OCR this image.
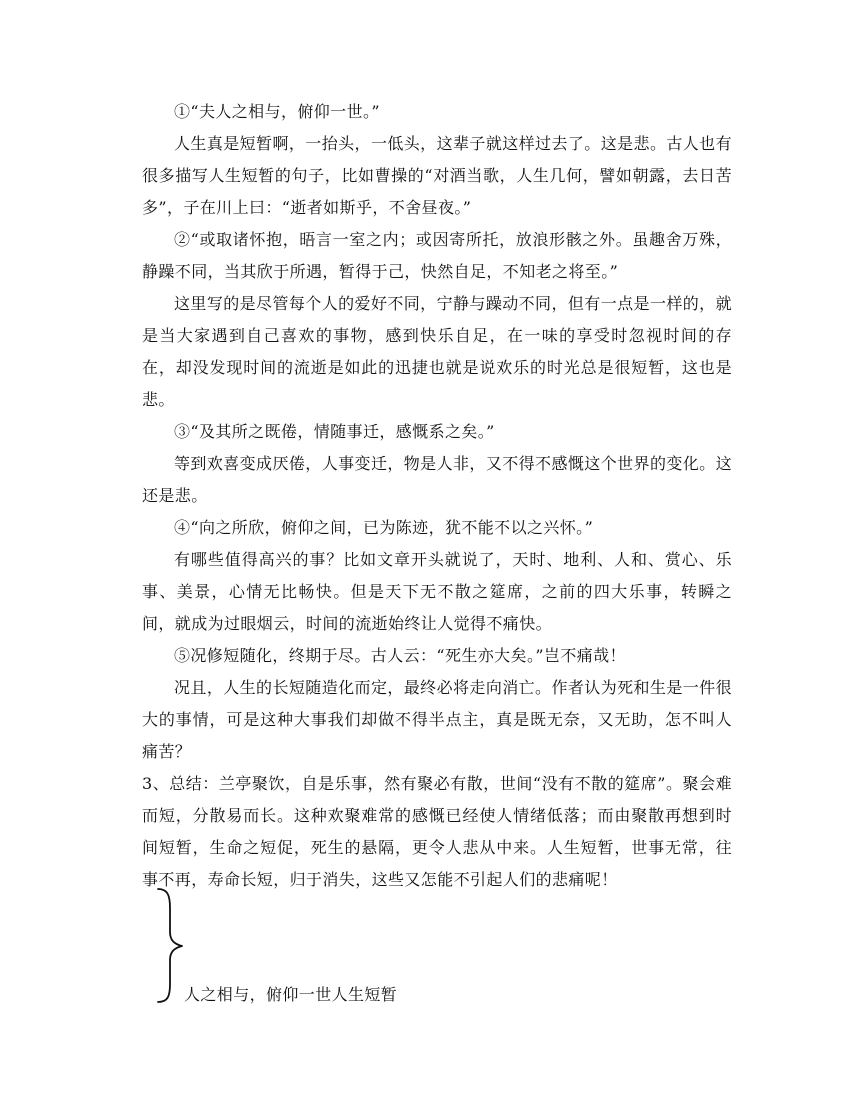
①“夫人之相与，俯仰一世。”

人生真是短暂啊，一抬头，一低头，这辈子就这样过去了。这是悲。古人也有很多描写人生短暂的句子，比如曹操的“对酒当歌，人生几何，譬如朝露，去日苦多”，子在川上曰：“逝者如斯乎，不舍昼夜。”

②“或取诸怀抱，晤言一室之内；或因寄所托，放浪形骸之外。虽趣舍万殊，静躁不同，当其欣于所遇，暂得于己，快然自足，不知老之将至。”

这里写的是尽管每个人的爱好不同，宁静与躁动不同，但有一点是一样的，就是当大家遇到自己喜欢的事物，感到快乐自足，在一味的享受时忽视时间的存在，却没发现时间的流逝是如此的迅捷也就是说欢乐的时光总是很短暂，这也是悲。

③“及其所之既倦，情随事迁，感慨系之矣。”

等到欢喜变成厌倦，人事变迁，物是人非，又不得不感慨这个世界的变化。这还是悲。

④“向之所欣，俯仰之间，已为陈迹，犹不能不以之兴怀。”

有哪些值得高兴的事？比如文章开头就说了，天时、地利、人和、赏心、乐事、美景，心情无比畅快。但是天下无不散之筵席，之前的四大乐事，转瞬之间，就成为过眼烟云，时间的流逝始终让人觉得不痛快。

⑤况修短随化，终期于尽。古人云：“死生亦大矣。”岂不痛哉！

况且，人生的长短随造化而定，最终必将走向消亡。作者认为死和生是一件很大的事情，可是这种大事我们却做不得半点主，真是既无奈，又无助，怎不叫人痛苦？

3、总结：兰亭聚饮，自是乐事，然有聚必有散，世间“没有不散的筵席”。聚会难而短，分散易而长。这种欢聚难常的感慨已经使人情绪低落；而由聚散再想到时间短暂，生命之短促，死生的悬隔，更令人悲从中来。人生短暂，世事无常，往事不再，寿命长短，归于消失，这些又怎能不引起人们的悲痛呢！

人之相与，俯仰一世人生短暂
